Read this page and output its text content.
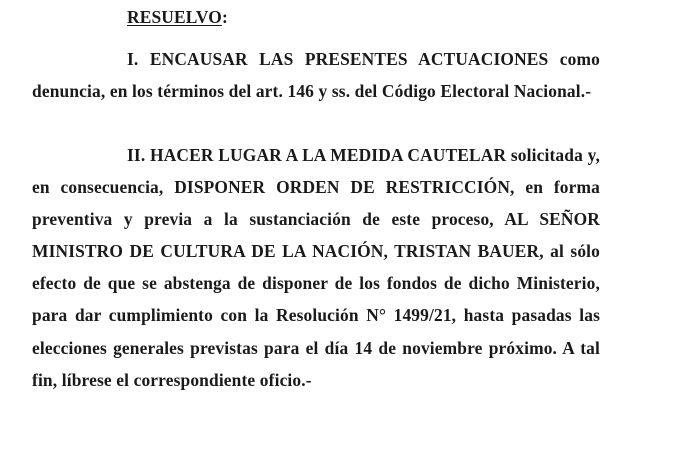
RESUELVO:

I. ENCAUSAR LAS PRESENTES ACTUACIONES como denuncia, en los términos del art. 146 y ss. del Código Electoral Nacional.-

II. HACER LUGAR A LA MEDIDA CAUTELAR solicitada y, en consecuencia, DISPONER ORDEN DE RESTRICCIÓN, en forma preventiva y previa a la sustanciación de este proceso, AL SEÑOR MINISTRO DE CULTURA DE LA NACIÓN, TRISTAN BAUER, al sólo efecto de que se abstenga de disponer de los fondos de dicho Ministerio, para dar cumplimiento con la Resolución N° 1499/21, hasta pasadas las elecciones generales previstas para el día 14 de noviembre próximo. A tal fin, líbrese el correspondiente oficio.-
